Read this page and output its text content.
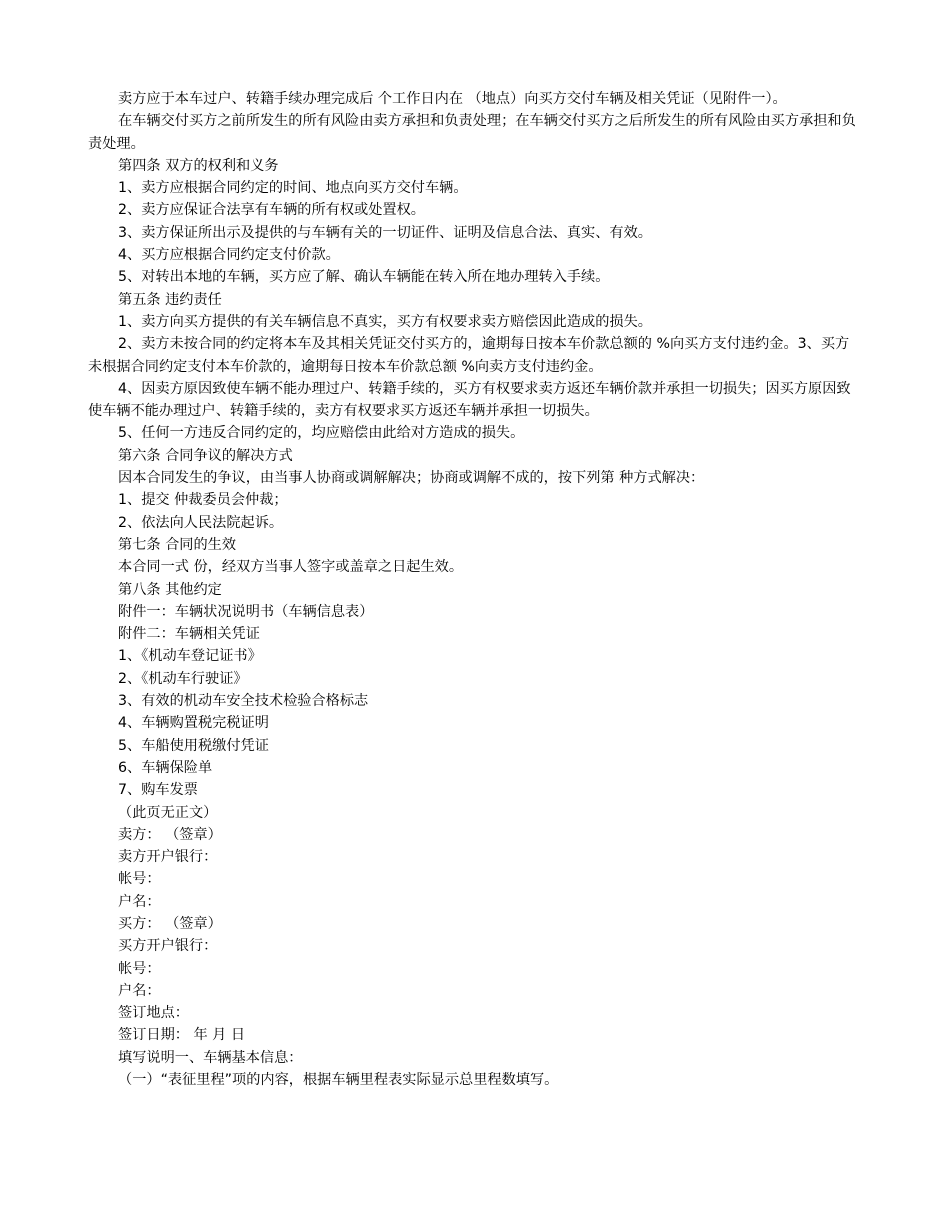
卖方应于本车过户、转籍手续办理完成后 个工作日内在 （地点）向买方交付车辆及相关凭证（见附件一）。

在车辆交付买方之前所发生的所有风险由卖方承担和负责处理；在车辆交付买方之后所发生的所有风险由买方承担和负责处理。

第四条 双方的权利和义务

1、卖方应根据合同约定的时间、地点向买方交付车辆。

2、卖方应保证合法享有车辆的所有权或处置权。

3、卖方保证所出示及提供的与车辆有关的一切证件、证明及信息合法、真实、有效。

4、买方应根据合同约定支付价款。

5、对转出本地的车辆，买方应了解、确认车辆能在转入所在地办理转入手续。

第五条 违约责任

1、卖方向买方提供的有关车辆信息不真实，买方有权要求卖方赔偿因此造成的损失。

2、卖方未按合同的约定将本车及其相关凭证交付买方的，逾期每日按本车价款总额的 %向买方支付违约金。3、买方未根据合同约定支付本车价款的，逾期每日按本车价款总额 %向卖方支付违约金。

4、因卖方原因致使车辆不能办理过户、转籍手续的，买方有权要求卖方返还车辆价款并承担一切损失；因买方原因致使车辆不能办理过户、转籍手续的，卖方有权要求买方返还车辆并承担一切损失。

5、任何一方违反合同约定的，均应赔偿由此给对方造成的损失。

第六条 合同争议的解决方式

因本合同发生的争议，由当事人协商或调解解决；协商或调解不成的，按下列第 种方式解决：

1、提交 仲裁委员会仲裁；

2、依法向人民法院起诉。

第七条 合同的生效

本合同一式 份，经双方当事人签字或盖章之日起生效。

第八条 其他约定

附件一：车辆状况说明书（车辆信息表）

附件二：车辆相关凭证

1、《机动车登记证书》

2、《机动车行驶证》

3、有效的机动车安全技术检验合格标志

4、车辆购置税完税证明

5、车船使用税缴付凭证

6、车辆保险单

7、购车发票

（此页无正文）

卖方： （签章）

卖方开户银行：

帐号：

户名：

买方： （签章）

买方开户银行：

帐号：

户名：

签订地点：

签订日期： 年 月 日

填写说明一、车辆基本信息：

（一）“表征里程”项的内容，根据车辆里程表实际显示总里程数填写。
